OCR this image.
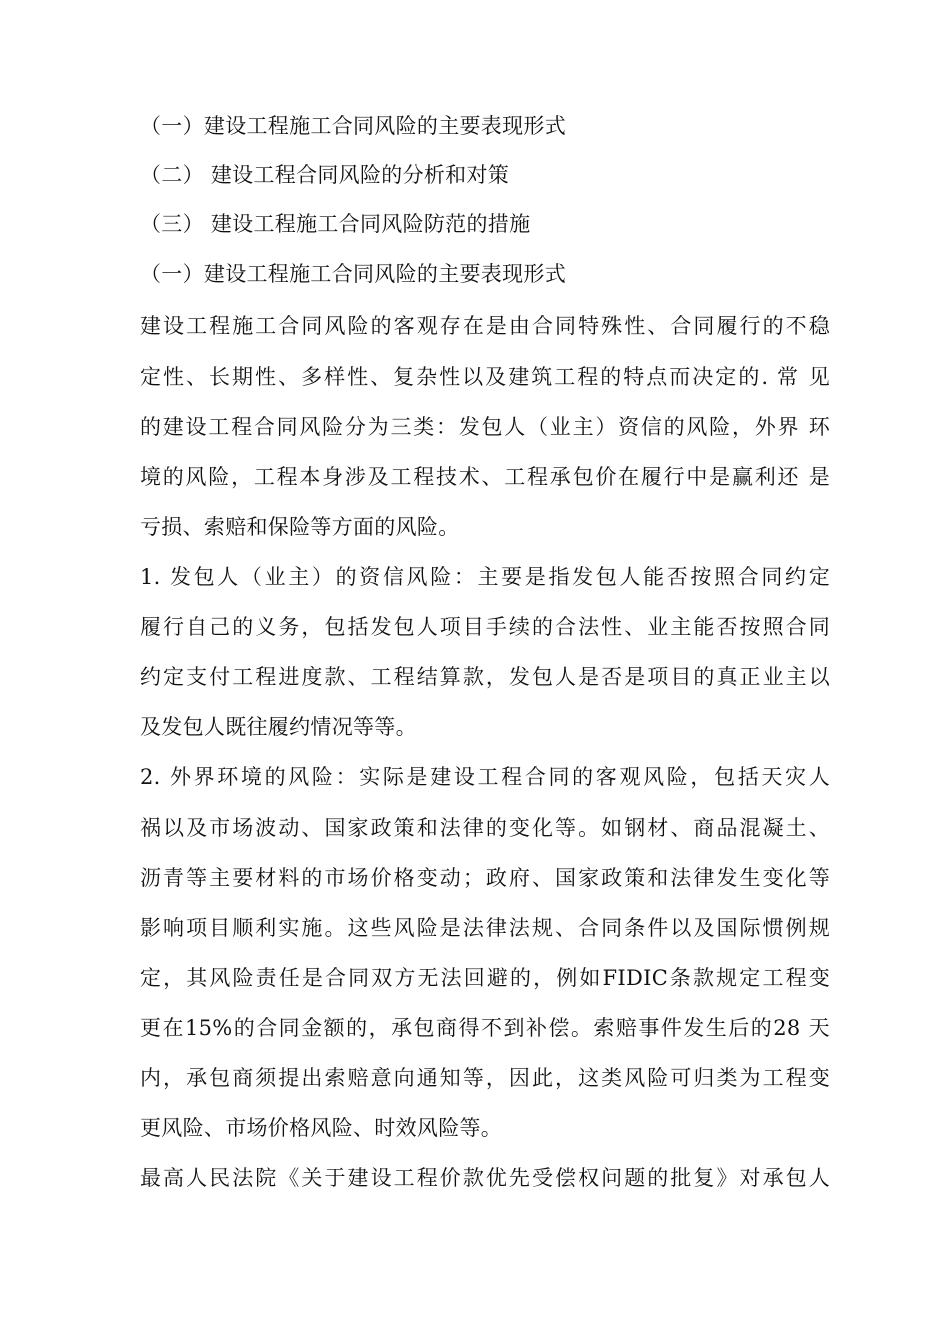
（一）建设工程施工合同风险的主要表现形式
（二） 建设工程合同风险的分析和对策
（三） 建设工程施工合同风险防范的措施
（一）建设工程施工合同风险的主要表现形式
建设工程施工合同风险的客观存在是由合同特殊性、合同履行的不稳
定性、长期性、多样性、复杂性以及建筑工程的特点而决定的. 常 见
的建设工程合同风险分为三类：发包人（业主）资信的风险，外界 环
境的风险，工程本身涉及工程技术、工程承包价在履行中是赢利还 是
亏损、索赔和保险等方面的风险。
1. 发包人（业主）的资信风险：主要是指发包人能否按照合同约定
履行自己的义务，包括发包人项目手续的合法性、业主能否按照合同
约定支付工程进度款、工程结算款，发包人是否是项目的真正业主以
及发包人既往履约情况等等。
2. 外界环境的风险：实际是建设工程合同的客观风险，包括天灾人
祸以及市场波动、国家政策和法律的变化等。如钢材、商品混凝土、
沥青等主要材料的市场价格变动；政府、国家政策和法律发生变化等
影响项目顺利实施。这些风险是法律法规、合同条件以及国际惯例规
定，其风险责任是合同双方无法回避的，例如FIDIC条款规定工程变
更在15%的合同金额的，承包商得不到补偿。索赔事件发生后的28 天
内，承包商须提出索赔意向通知等，因此，这类风险可归类为工程变
更风险、市场价格风险、时效风险等。
最高人民法院《关于建设工程价款优先受偿权问题的批复》对承包人
